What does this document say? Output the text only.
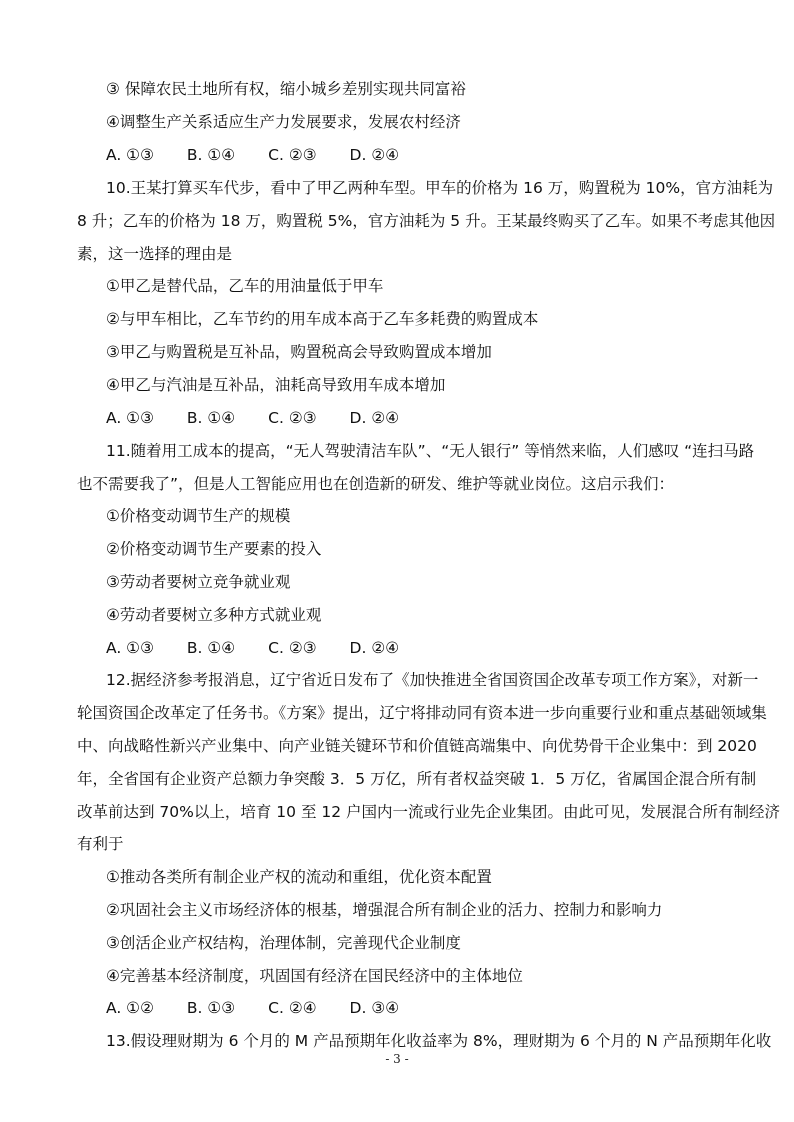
③ 保障农民土地所有权，缩小城乡差别实现共同富裕
④调整生产关系适应生产力发展要求，发展农村经济
A. ①③ B. ①④ C. ②③ D. ②④
10.王某打算买车代步，看中了甲乙两种车型。甲车的价格为 16 万，购置税为 10%，官方油耗为
8 升；乙车的价格为 18 万，购置税 5%，官方油耗为 5 升。王某最终购买了乙车。如果不考虑其他因
素，这一选择的理由是
①甲乙是替代品，乙车的用油量低于甲车
②与甲车相比，乙车节约的用车成本高于乙车多耗费的购置成本
③甲乙与购置税是互补品，购置税高会导致购置成本增加
④甲乙与汽油是互补品，油耗高导致用车成本增加
A. ①③ B. ①④ C. ②③ D. ②④
11.随着用工成本的提高，“无人驾驶清洁车队”、“无人银行” 等悄然来临，人们感叹 “连扫马路
也不需要我了”，但是人工智能应用也在创造新的研发、维护等就业岗位。这启示我们：
①价格变动调节生产的规模
②价格变动调节生产要素的投入
③劳动者要树立竞争就业观
④劳动者要树立多种方式就业观
A. ①③ B. ①④ C. ②③ D. ②④
12.据经济参考报消息，辽宁省近日发布了《加快推进全省国资国企改革专项工作方案》，对新一
轮国资国企改革定了任务书。《方案》提出，辽宁将排动同有资本进一步向重要行业和重点基础领域集
中、向战略性新兴产业集中、向产业链关键环节和价值链高端集中、向优势骨干企业集中：到 2020
年，全省国有企业资产总额力争突酸 3．5 万亿，所有者权益突破 1．5 万亿，省属国企混合所有制
改革前达到 70%以上，培育 10 至 12 户国内一流或行业先企业集团。由此可见，发展混合所有制经济
有利于
①推动各类所有制企业产权的流动和重组，优化资本配置
②巩固社会主义市场经济体的根基，增强混合所有制企业的活力、控制力和影响力
③创活企业产权结构，治理体制，完善现代企业制度
④完善基本经济制度，巩固国有经济在国民经济中的主体地位
A. ①② B. ①③ C. ②④ D. ③④
13.假设理财期为 6 个月的 M 产品预期年化收益率为 8%，理财期为 6 个月的 N 产品预期年化收
- 3 -
